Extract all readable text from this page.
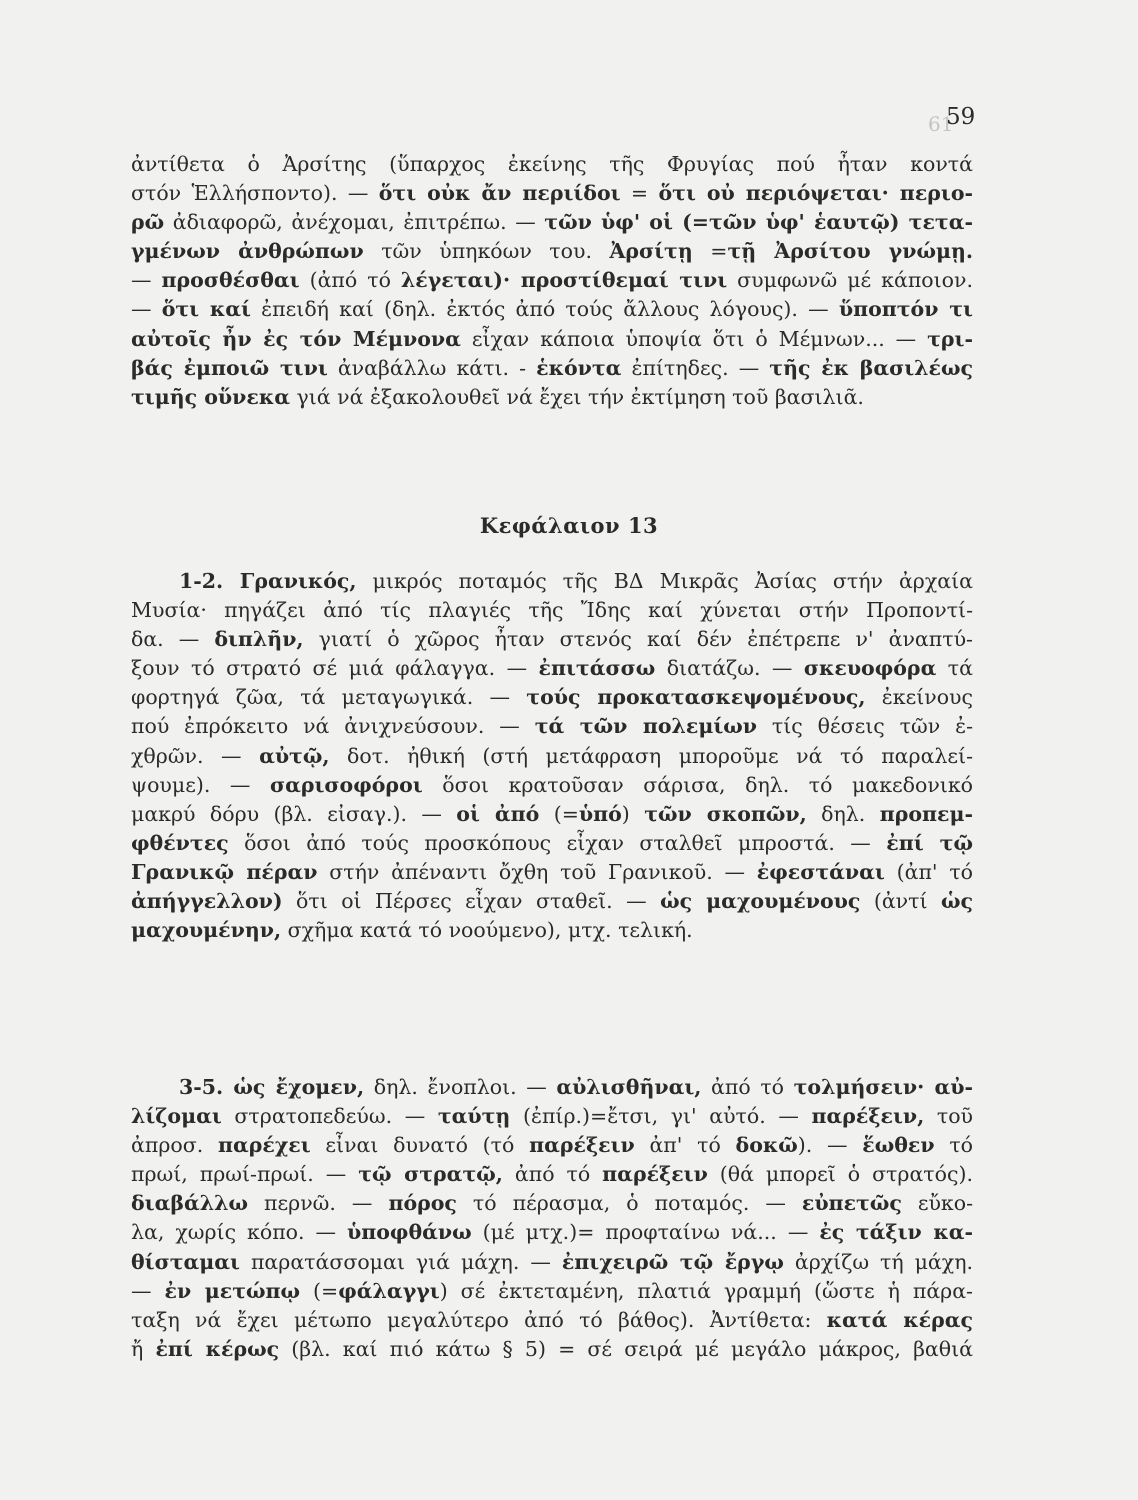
61
59
ἀντίθετα ὁ Ἀρσίτης (ὕπαρχος ἐκείνης τῆς Φρυγίας πού ἦταν κοντά
στόν Ἑλλήσποντο). — ὅτι οὐκ ἄν περιίδοι = ὅτι οὐ περιόψεται· περιο-
ρῶ ἀδιαφορῶ, ἀνέχομαι, ἐπιτρέπω. — τῶν ὑφ' οἱ (=τῶν ὑφ' ἑαυτῷ) τετα-
γμένων ἀνθρώπων τῶν ὑπηκόων του. Ἀρσίτῃ =τῇ Ἀρσίτου γνώμῃ.
— προσθέσθαι (ἀπό τό λέγεται)· προστίθεμαί τινι συμφωνῶ μέ κάποιον.
— ὅτι καί ἐπειδή καί (δηλ. ἐκτός ἀπό τούς ἄλλους λόγους). — ὕποπτόν τι
αὐτοῖς ἦν ἐς τόν Μέμνονα εἶχαν κάποια ὑποψία ὅτι ὁ Μέμνων... — τρι-
βάς ἐμποιῶ τινι ἀναβάλλω κάτι. - ἑκόντα ἐπίτηδες. — τῆς ἐκ βασιλέως
τιμῆς οὕνεκα γιά νά ἐξακολουθεῖ νά ἔχει τήν ἐκτίμηση τοῦ βασιλιᾶ.
Κεφάλαιον 13
1-2. Γρανικός, μικρός ποταμός τῆς ΒΔ Μικρᾶς Ἀσίας στήν ἀρχαία
Μυσία· πηγάζει ἀπό τίς πλαγιές τῆς Ἴδης καί χύνεται στήν Προποντί-
δα. — διπλῆν, γιατί ὁ χῶρος ἦταν στενός καί δέν ἐπέτρεπε ν' ἀναπτύ-
ξουν τό στρατό σέ μιά φάλαγγα. — ἐπιτάσσω διατάζω. — σκευοφόρα τά
φορτηγά ζῶα, τά μεταγωγικά. — τούς προκατασκεψομένους, ἐκείνους
πού ἐπρόκειτο νά ἀνιχνεύσουν. — τά τῶν πολεμίων τίς θέσεις τῶν ἐ-
χθρῶν. — αὐτῷ, δοτ. ἠθική (στή μετάφραση μποροῦμε νά τό παραλεί-
ψουμε). — σαρισοφόροι ὅσοι κρατοῦσαν σάρισα, δηλ. τό μακεδονικό
μακρύ δόρυ (βλ. εἰσαγ.). — οἱ ἀπό (=ὑπό) τῶν σκοπῶν, δηλ. προπεμ-
φθέντες ὅσοι ἀπό τούς προσκόπους εἶχαν σταλθεῖ μπροστά. — ἐπί τῷ
Γρανικῷ πέραν στήν ἀπέναντι ὄχθη τοῦ Γρανικοῦ. — ἐφεστάναι (ἀπ' τό
ἀπήγγελλον) ὅτι οἱ Πέρσες εἶχαν σταθεῖ. — ὡς μαχουμένους (ἀντί ὡς
μαχουμένην, σχῆμα κατά τό νοούμενο), μτχ. τελική.
3-5. ὡς ἔχομεν, δηλ. ἔνοπλοι. — αὐλισθῆναι, ἀπό τό τολμήσειν· αὐ-
λίζομαι στρατοπεδεύω. — ταύτῃ (ἐπίρ.)=ἔτσι, γι' αὐτό. — παρέξειν, τοῦ
ἀπροσ. παρέχει εἶναι δυνατό (τό παρέξειν ἀπ' τό δοκῶ). — ἕωθεν τό
πρωί, πρωί-πρωί. — τῷ στρατῷ, ἀπό τό παρέξειν (θά μπορεῖ ὁ στρατός).
διαβάλλω περνῶ. — πόρος τό πέρασμα, ὁ ποταμός. — εὐπετῶς εὔκο-
λα, χωρίς κόπο. — ὑποφθάνω (μέ μτχ.)= προφταίνω νά... — ἐς τάξιν κα-
θίσταμαι παρατάσσομαι γιά μάχη. — ἐπιχειρῶ τῷ ἔργῳ ἀρχίζω τή μάχη.
— ἐν μετώπῳ (=φάλαγγι) σέ ἐκτεταμένη, πλατιά γραμμή (ὥστε ἡ πάρα-
ταξη νά ἔχει μέτωπο μεγαλύτερο ἀπό τό βάθος). Ἀντίθετα: κατά κέρας
ἤ ἐπί κέρως (βλ. καί πιό κάτω § 5) = σέ σειρά μέ μεγάλο μάκρος, βαθιά
